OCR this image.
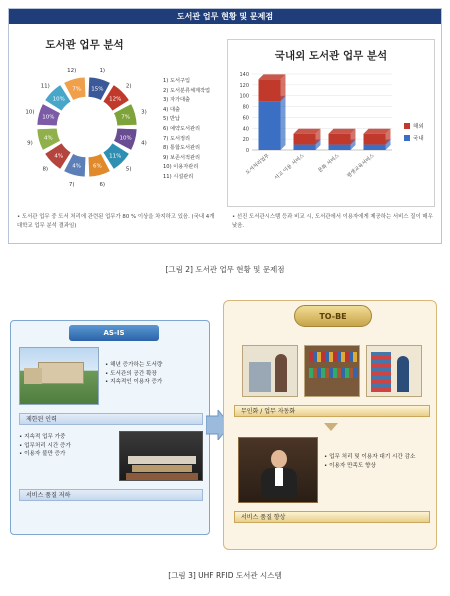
도서관 업무 현황 및 문제점
도서관 업무 분석
15%
1)
12%
2)
7%
3)
10%
4)
11%
5)
6%
6)
4%
7)
4%
8)
4%
9)
10%
10)
10%
11)
7%
12)
1) 도서구입
2) 도서분류체계작업
3) 자가대출
4) 대출
5) 반납
6) 예약도서관리
7) 도서정리
8) 통합도서관리
9) 보존서적관리
10) 이용자관리
11) 시설관리
국내외 도서관 업무 분석
0
20
40
60
80
100
120
140
도서처리업무 서고 이용 서비스 문화 서비스 평생교육서비스
해외
국내
• 도서관 업무 중 도서 처리에 관련된 업무가 80 % 이상을 차지하고 있음. (국내 4개 대학교 업무 분석 결과임)
• 선진 도서관시스템 등과 비교 시, 도서관에서 이용자에게 제공하는 서비스 질이 매우 낮음.
[그림 2] 도서관 업무 현황 및 문제점
AS-IS
• 해년 증가하는 도서량
• 도서관의 공간 확장
• 지속적인 이용자 증가
제한된 인력
• 지속적 업무 가중
• 업무처리 시간 증가
• 이용자 불만 증가
서비스 품질 저하
TO-BE
무인화 / 업무 자동화
• 업무 처리 및 이용자 대기 시간 감소
• 이용자 만족도 향상
서비스 품질 향상
[그림 3] UHF RFID 도서관 시스템
